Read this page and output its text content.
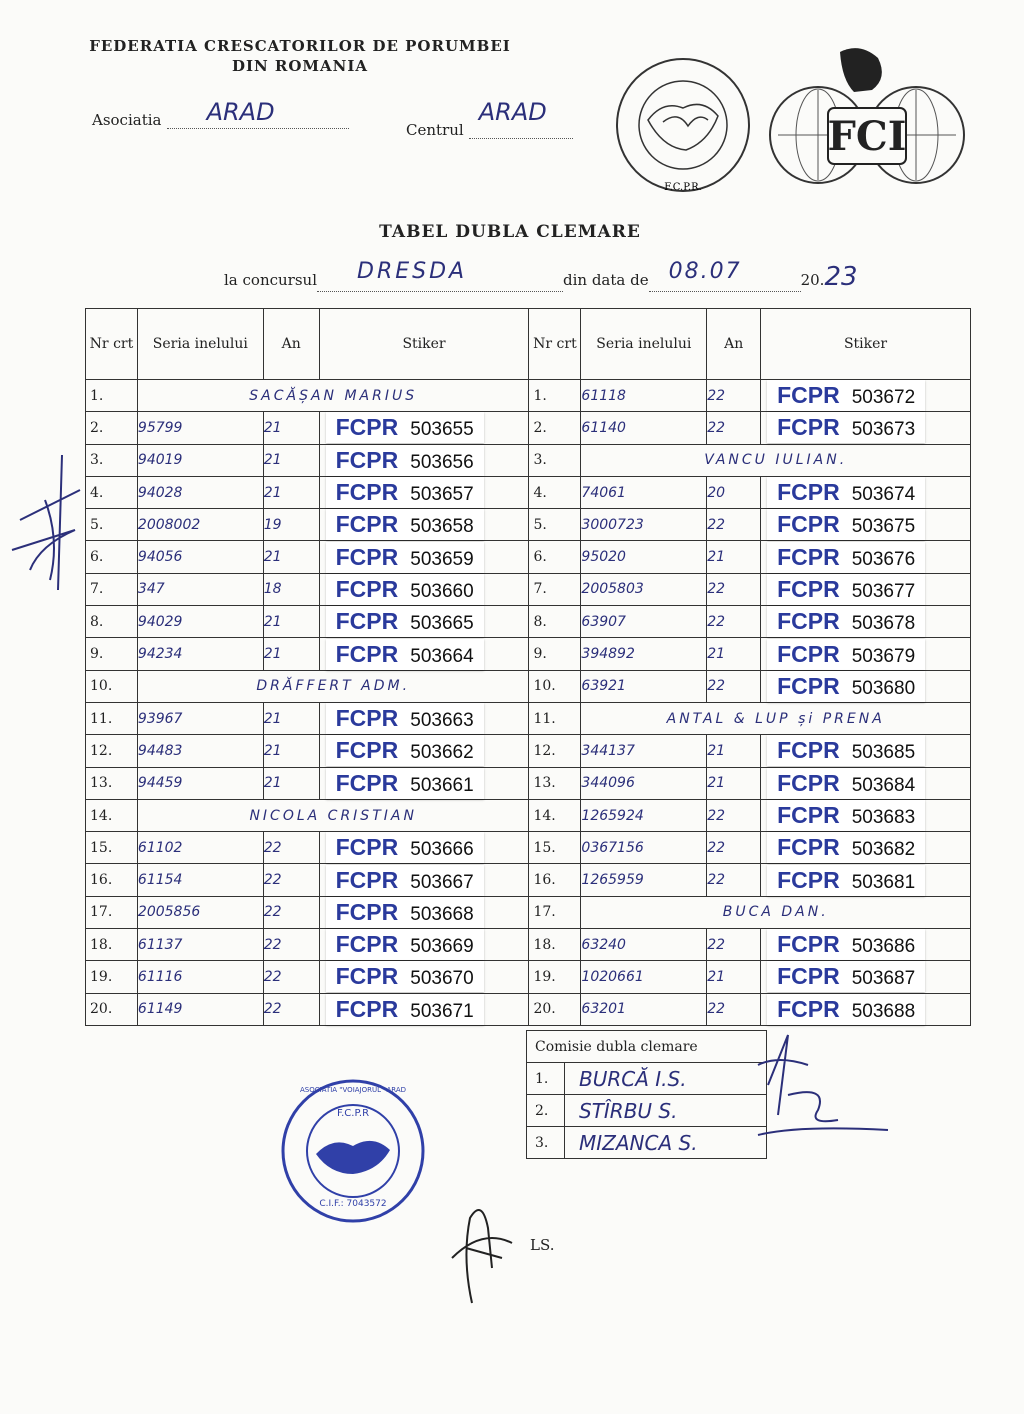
FEDERATIA CRESCATORILOR DE PORUMBEI
DIN ROMANIA
Asociatia ARAD
Centrul
ARAD
F.C.P.R.
FCI
TABEL DUBLA CLEMARE
la concursul DRESDA	din data de 08.07	20.23
Nr crt	Seria inelului	An	Stiker	Nr crt	Seria inelului	An	Stiker
1.	SACĂȘAN MARIUS			1.	61118	22	FCPR 503672

2.	95799	21	FCPR 503655	2.	61140	22	FCPR 503673

3.	94019	21	FCPR 503656	3.	VANCU IULIAN.		
4.	94028	21	FCPR 503657	4.	74061	20	FCPR 503674

5.	2008002	19	FCPR 503658	5.	3000723	22	FCPR 503675

6.	94056	21	FCPR 503659	6.	95020	21	FCPR 503676

7.	347	18	FCPR 503660	7.	2005803	22	FCPR 503677

8.	94029	21	FCPR 503665	8.	63907	22	FCPR 503678

9.	94234	21	FCPR 503664	9.	394892	21	FCPR 503679

10.	DRĂFFERT ADM.			10.	63921	22	FCPR 503680

11.	93967	21	FCPR 503663	11.	ANTAL & LUP și PRENA		
12.	94483	21	FCPR 503662	12.	344137	21	FCPR 503685

13.	94459	21	FCPR 503661	13.	344096	21	FCPR 503684

14.	NICOLA CRISTIAN			14.	1265924	22	FCPR 503683

15.	61102	22	FCPR 503666	15.	0367156	22	FCPR 503682

16.	61154	22	FCPR 503667	16.	1265959	22	FCPR 503681

17.	2005856	22	FCPR 503668	17.	BUCA DAN.		
18.	61137	22	FCPR 503669	18.	63240	22	FCPR 503686

19.	61116	22	FCPR 503670	19.	1020661	21	FCPR 503687

20.	61149	22	FCPR 503671	20.	63201	22	FCPR 503688
Comisie dubla clemare	
1.	BURCĂ I.S.
2.	STÎRBU S.
3.	MIZANCA S.
F.C.P.R
C.I.F.: 7043572
ASOCIATIA "VOIAJORUL" ARAD
LS.
